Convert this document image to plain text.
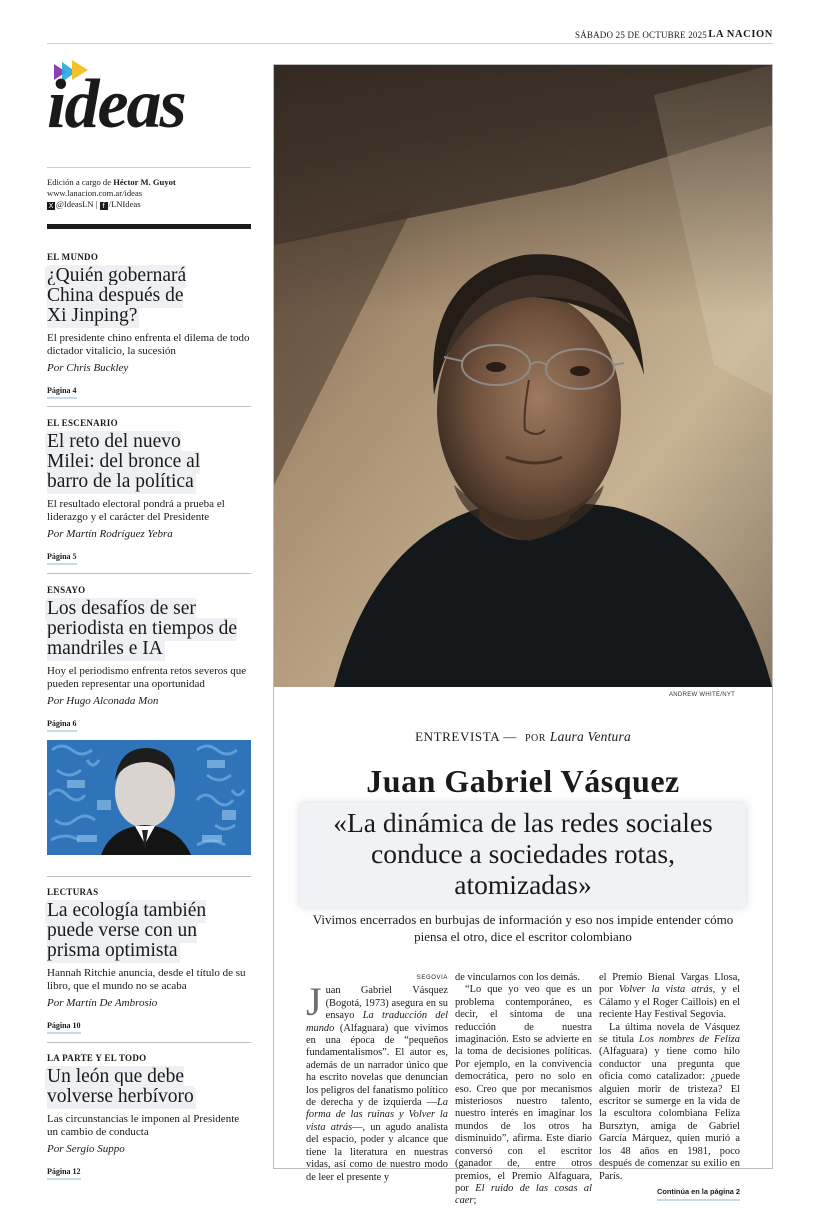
SÁBADO 25 DE OCTUBRE 2025 LA NACION
ideas
Edición a cargo de Héctor M. Guyot
www.lanacion.com.ar/ideas
X @IdeasLN | f /LNIdeas
EL MUNDO
¿Quién gobernará China después de Xi Jinping?
El presidente chino enfrenta el dilema de todo dictador vitalicio, la sucesión
Por Chris Buckley
Página 4
EL ESCENARIO
El reto del nuevo Milei: del bronce al barro de la política
El resultado electoral pondrá a prueba el liderazgo y el carácter del Presidente
Por Martín Rodríguez Yebra
Página 5
ENSAYO
Los desafíos de ser periodista en tiempos de mandriles e IA
Hoy el periodismo enfrenta retos severos que pueden representar una oportunidad
Por Hugo Alconada Mon
Página 6
LECTURAS
La ecología también puede verse con un prisma optimista
Hannah Ritchie anuncia, desde el título de su libro, que el mundo no se acaba
Por Martín De Ambrosio
Página 10
LA PARTE Y EL TODO
Un león que debe volverse herbívoro
Las circunstancias le imponen al Presidente un cambio de conducta
Por Sergio Suppo
Página 12
ANDREW WHITE/NYT
ENTREVISTA — POR Laura Ventura
Juan Gabriel Vásquez
«La dinámica de las redes sociales conduce a sociedades rotas, atomizadas»
Vivimos encerrados en burbujas de información y eso nos impide entender cómo piensa el otro, dice el escritor colombiano
SEGOVIA
J uan Gabriel Vásquez (Bogotá, 1973) asegura en su ensayo La traducción del mundo (Alfaguara) que vivimos en una época de “pequeños fundamentalismos”. El autor es, además de un narrador único que ha escrito novelas que denuncian los peligros del fanatismo político de derecha y de izquierda —La forma de las ruinas y Volver la vista atrás—, un agudo analista del espacio, poder y alcance que tiene la literatura en nuestras vidas, así como de nuestro modo de leer el presente y
de vincularnos con los demás.
“Lo que yo veo que es un problema contemporáneo, es decir, el síntoma de una reducción de nuestra imaginación. Esto se advierte en la toma de decisiones políticas. Por ejemplo, en la convivencia democrática, pero no solo en eso. Creo que por mecanismos misteriosos nuestro talento, nuestro interés en imaginar los mundos de los otros ha disminuido”, afirma. Este diario conversó con el escritor (ganador de, entre otros premios, el Premio Alfaguara, por El ruido de las cosas al caer;
el Premio Bienal Vargas Llosa, por Volver la vista atrás, y el Cálamo y el Roger Caillois) en el reciente Hay Festival Segovia.
La última novela de Vásquez se titula Los nombres de Feliza (Alfaguara) y tiene como hilo conductor una pregunta que oficia como catalizador: ¿puede alguien morir de tristeza? El escritor se sumerge en la vida de la escultora colombiana Feliza Bursztyn, amiga de Gabriel García Márquez, quien murió a los 48 años en 1981, poco después de comenzar su exilio en París.
Continúa en la página 2
